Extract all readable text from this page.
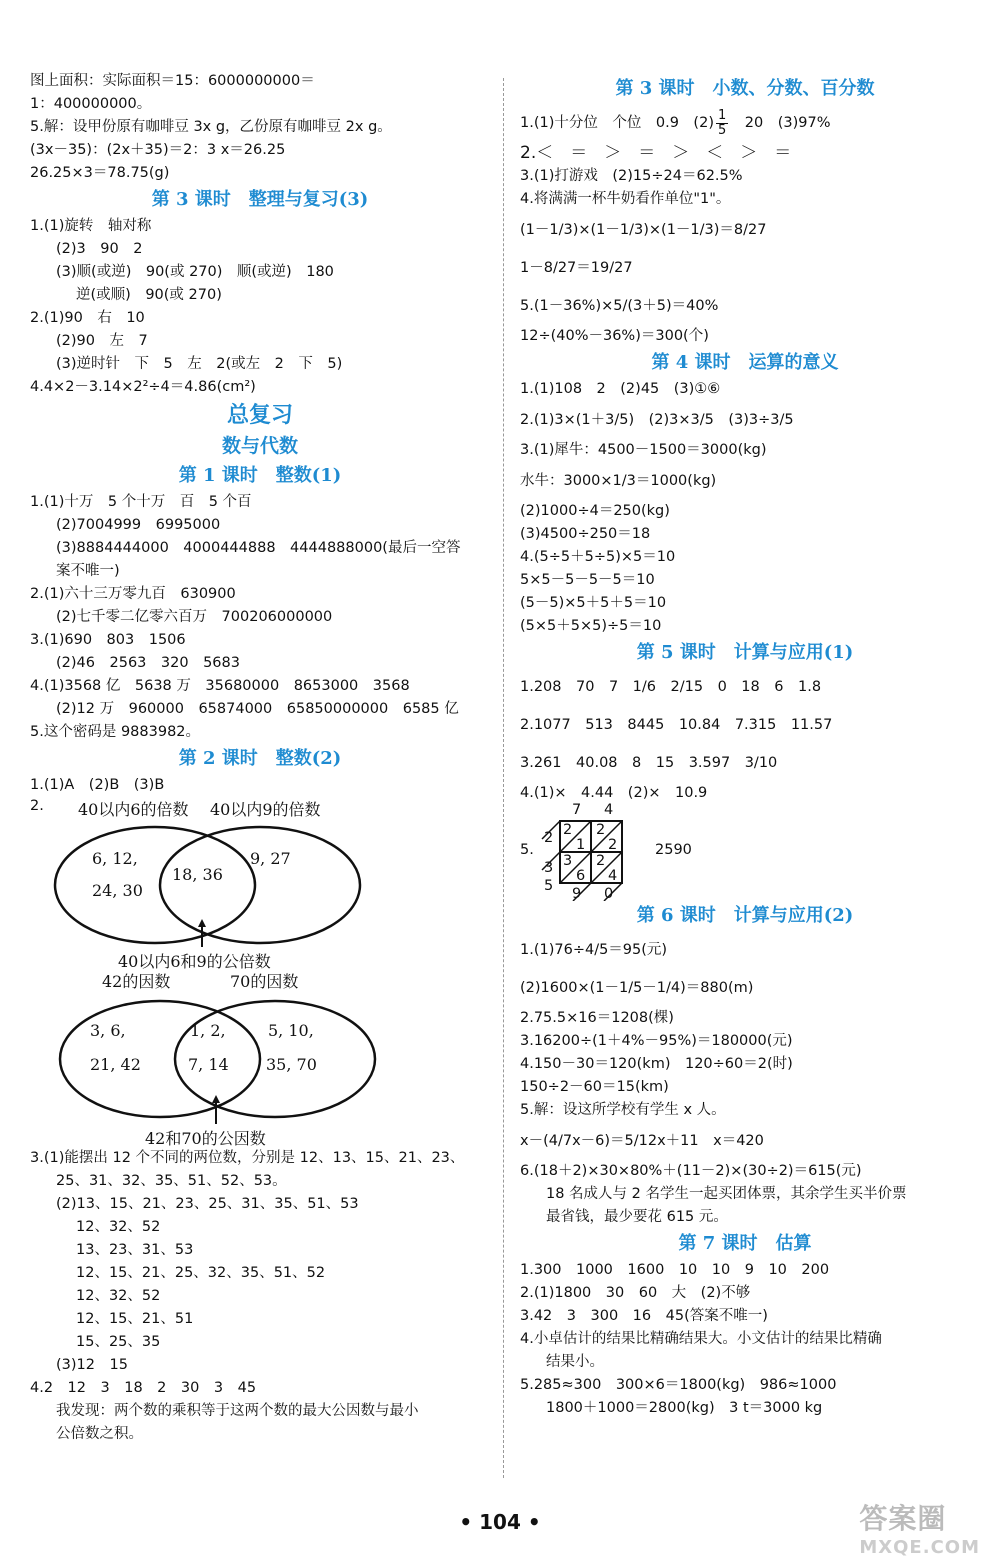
图上面积：实际面积＝15：6000000000＝
1：400000000。
5.解：设甲份原有咖啡豆 3x g，乙份原有咖啡豆 2x g。
(3x－35)：(2x＋35)＝2：3 x＝26.25
26.25×3＝78.75(g)
第 3 课时　整理与复习(3)
1.(1)旋转　轴对称
(2)3　90　2
(3)顺(或逆)　90(或 270)　顺(或逆)　180
逆(或顺)　90(或 270)
2.(1)90　右　10
(2)90　左　7
(3)逆时针　下　5　左　2(或左　2　下　5)
4.4×2－3.14×2²÷4＝4.86(cm²)
总复习
数与代数
第 1 课时　整数(1)
1.(1)十万　5 个十万　百　5 个百
(2)7004999　6995000
(3)8884444000　4000444888　4444888000(最后一空答
案不唯一)
2.(1)六十三万零九百　630900
(2)七千零二亿零六百万　700206000000
3.(1)690　803　1506
(2)46　2563　320　5683
4.(1)3568 亿　5638 万　35680000　8653000　3568
(2)12 万　960000　65874000　65850000000　6585 亿
5.这个密码是 9883982。
第 2 课时　整数(2)
1.(1)A　(2)B　(3)B
2. 40以内6的倍数 40以内9的倍数
6, 12,
24, 30
18, 36
9, 27
40以内6和9的公倍数
42的因数	70的因数
3, 6,
21, 42
1, 2,
7, 14
5, 10,
35, 70
42和70的公因数
3.(1)能摆出 12 个不同的两位数，分别是 12、13、15、21、23、
25、31、32、35、51、52、53。
(2)13、15、21、23、25、31、35、51、53
12、32、52
13、23、31、53
12、15、21、25、32、35、51、52
12、32、52
12、15、21、51
15、25、35
(3)12　15
4.2　12　3　18　2　30　3　45
我发现：两个数的乘积等于这两个数的最大公因数与最小
公倍数之积。
第 3 课时　小数、分数、百分数
1.(1)十分位　个位　0.9　$(2) \frac{1}{5}$ 　20　(3)97%
2.＜　＝　＞　＝　＞　＜　＞　＝
3.(1)打游戏　(2)15÷24＝62.5%
4.将满满一杯牛奶看作单位"1"。
(1－1/3)×(1－1/3)×(1－1/3)＝8/27
1－8/27＝19/27
5.(1－36%)×5/(3＋5)＝40%
12÷(40%－36%)＝300(个)
第 4 课时　运算的意义
1.(1)108　2　(2)45　(3)①⑥
2.(1)3×(1＋3/5)　(2)3×3/5　(3)3÷3/5
3.(1)犀牛：4500－1500＝3000(kg)
水牛：3000×1/3＝1000(kg)
(2)1000÷4＝250(kg)
(3)4500÷250＝18
4.(5÷5＋5÷5)×5＝10
5×5－5－5－5＝10
(5－5)×5＋5＋5＝10
(5×5＋5×5)÷5＝10
第 5 课时　计算与应用(1)
1.208　70　7　1/6　2/15　0　18　6　1.8
2.1077　513　8445　10.84　7.315　11.57
3.261　40.08　8　15　3.597　3/10
4.(1)×　4.44　(2)×　10.9
5.
7 4
2 2
1 2
3 2
6 4
2
3
5 9 0
2590
第 6 课时　计算与应用(2)
1.(1)76÷4/5＝95(元)
(2)1600×(1－1/5－1/4)＝880(m)
2.75.5×16＝1208(棵)
3.16200÷(1＋4%－95%)＝180000(元)
4.150－30＝120(km)　120÷60＝2(时)
150÷2－60＝15(km)
5.解：设这所学校有学生 x 人。
x－(4/7x－6)＝5/12x＋11　x＝420
6.(18＋2)×30×80%＋(11－2)×(30÷2)＝615(元)
18 名成人与 2 名学生一起买团体票，其余学生买半价票
最省钱，最少要花 615 元。
第 7 课时　估算
1.300　1000　1600　10　10　9　10　200
2.(1)1800　30　60　大　(2)不够
3.42　3　300　16　45(答案不唯一)
4.小卓估计的结果比精确结果大。小文估计的结果比精确
结果小。
5.285≈300　300×6＝1800(kg)　986≈1000
1800＋1000＝2800(kg)　3 t＝3000 kg
• 104 •	答案圈
MXQE.COM
